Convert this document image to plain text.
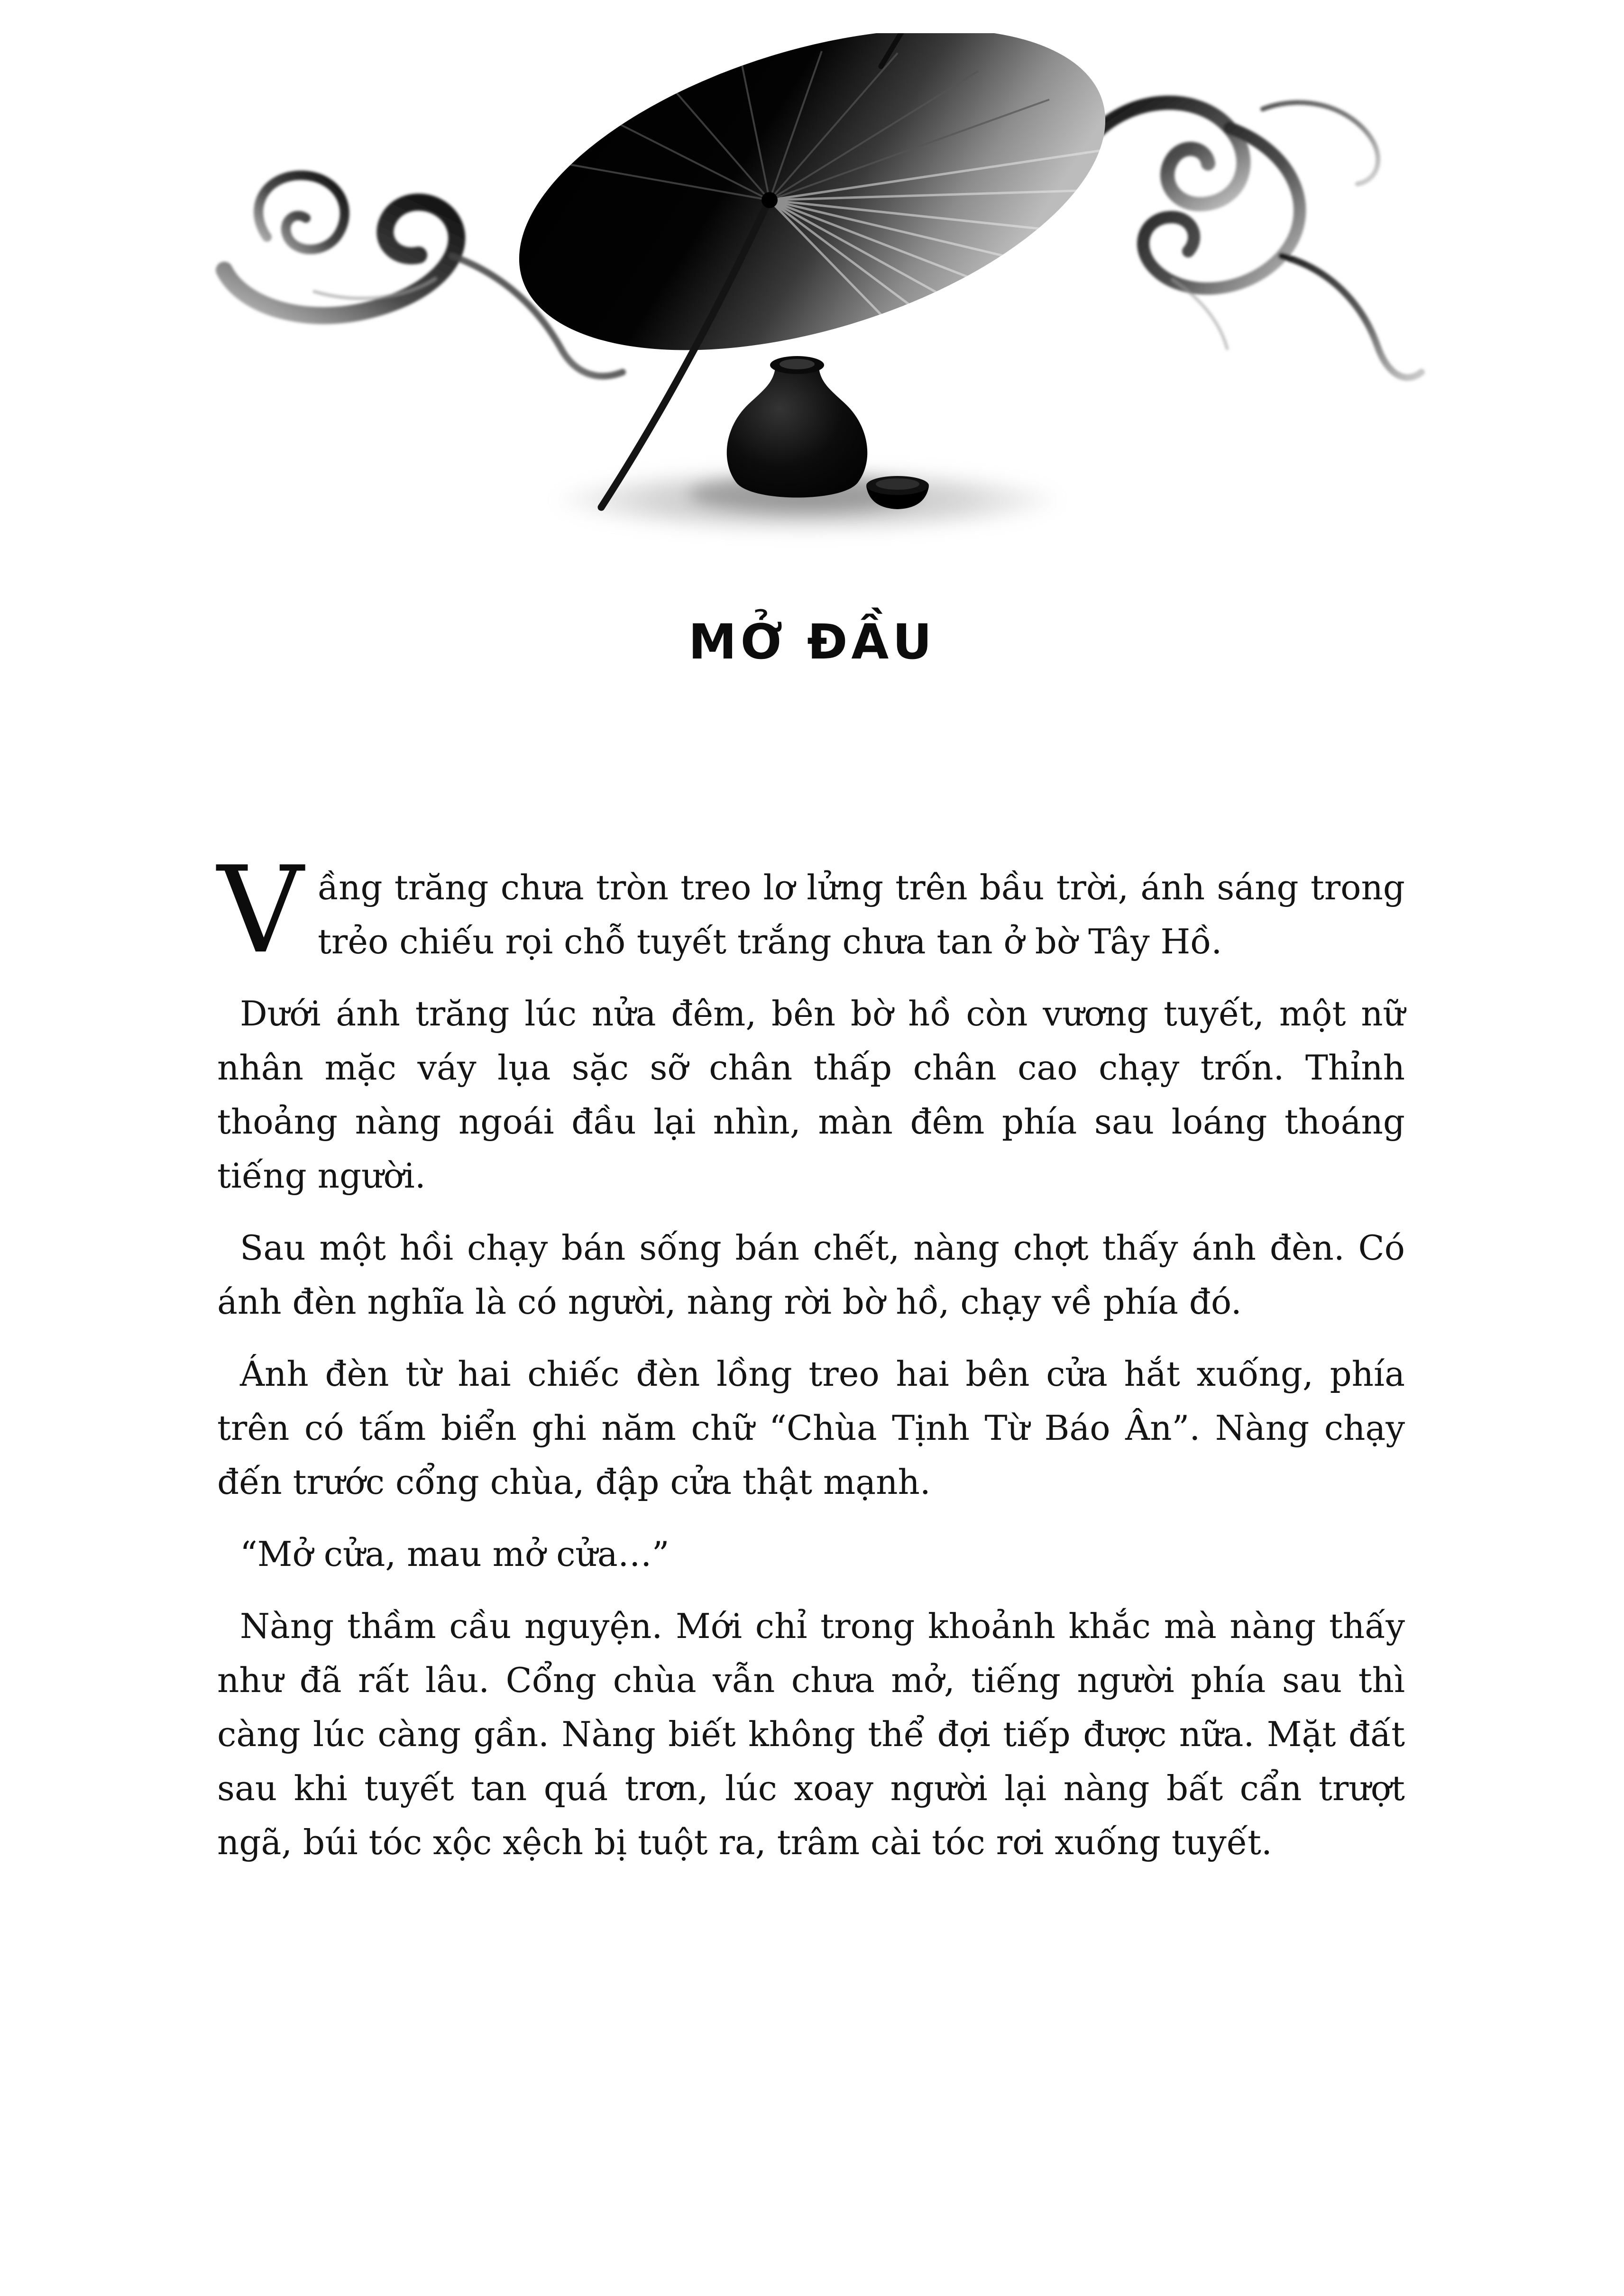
MỞ ĐẦU

Vầng trăng chưa tròn treo lơ lửng trên bầu trời, ánh sáng trong trẻo chiếu rọi chỗ tuyết trắng chưa tan ở bờ Tây Hồ.

Dưới ánh trăng lúc nửa đêm, bên bờ hồ còn vương tuyết, một nữ nhân mặc váy lụa sặc sỡ chân thấp chân cao chạy trốn. Thỉnh thoảng nàng ngoái đầu lại nhìn, màn đêm phía sau loáng thoáng tiếng người.

Sau một hồi chạy bán sống bán chết, nàng chợt thấy ánh đèn. Có ánh đèn nghĩa là có người, nàng rời bờ hồ, chạy về phía đó.

Ánh đèn từ hai chiếc đèn lồng treo hai bên cửa hắt xuống, phía trên có tấm biển ghi năm chữ “Chùa Tịnh Từ Báo Ân”. Nàng chạy đến trước cổng chùa, đập cửa thật mạnh.

“Mở cửa, mau mở cửa…”

Nàng thầm cầu nguyện. Mới chỉ trong khoảnh khắc mà nàng thấy như đã rất lâu. Cổng chùa vẫn chưa mở, tiếng người phía sau thì càng lúc càng gần. Nàng biết không thể đợi tiếp được nữa. Mặt đất sau khi tuyết tan quá trơn, lúc xoay người lại nàng bất cẩn trượt ngã, búi tóc xộc xệch bị tuột ra, trâm cài tóc rơi xuống tuyết.
